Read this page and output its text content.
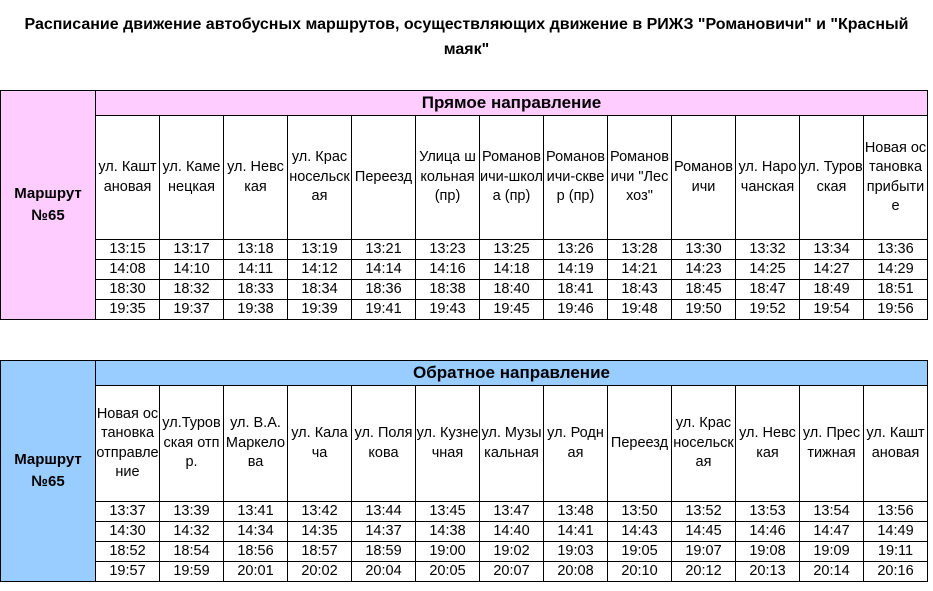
Расписание движение автобусных маршрутов, осуществляющих движение в РИЖЗ "Романовичи" и "Красный маяк"
Маршрут №65	Прямое направление												
	ул. Каштановая	ул. Каменецкая	ул. Невская	ул. Красносельская	Переезд	Улица школьная (пр)	Романовичи-школа (пр)	Романовичи-сквер (пр)	Романовичи "Лесхоз"	Романовичи	ул. Нарочанская	ул. Туровская	Новая остановка прибытие
	13:15	13:17	13:18	13:19	13:21	13:23	13:25	13:26	13:28	13:30	13:32	13:34	13:36
	14:08	14:10	14:11	14:12	14:14	14:16	14:18	14:19	14:21	14:23	14:25	14:27	14:29
	18:30	18:32	18:33	18:34	18:36	18:38	18:40	18:41	18:43	18:45	18:47	18:49	18:51
	19:35	19:37	19:38	19:39	19:41	19:43	19:45	19:46	19:48	19:50	19:52	19:54	19:56
Маршрут №65	Обратное направление												
	Новая остановка отправление	ул.Туровская отпр.	ул. В.А. Маркелова	ул. Калача	ул. Полякова	ул. Кузнечная	ул. Музыкальная	ул. Родная	Переезд	ул. Красносельская	ул. Невская	ул. Престижная	ул. Каштановая
	13:37	13:39	13:41	13:42	13:44	13:45	13:47	13:48	13:50	13:52	13:53	13:54	13:56
	14:30	14:32	14:34	14:35	14:37	14:38	14:40	14:41	14:43	14:45	14:46	14:47	14:49
	18:52	18:54	18:56	18:57	18:59	19:00	19:02	19:03	19:05	19:07	19:08	19:09	19:11
	19:57	19:59	20:01	20:02	20:04	20:05	20:07	20:08	20:10	20:12	20:13	20:14	20:16
